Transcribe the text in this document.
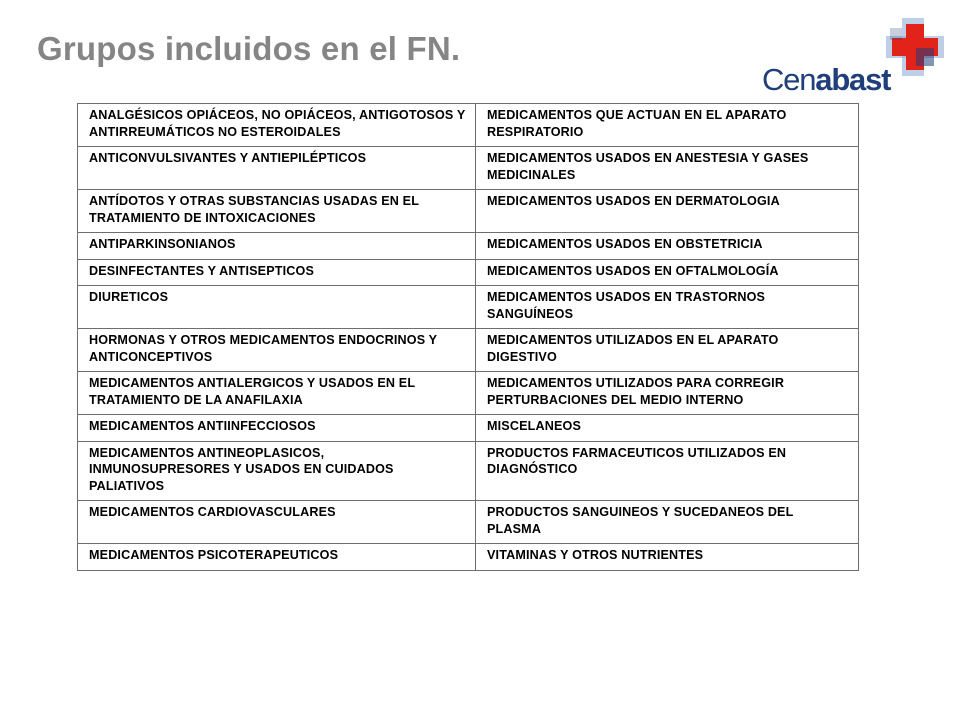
Grupos incluidos en el FN.
Cenabast
ANALGÉSICOS OPIÁCEOS, NO OPIÁCEOS, ANTIGOTOSOS Y ANTIRREUMÁTICOS NO ESTEROIDALES	MEDICAMENTOS QUE ACTUAN EN EL APARATO RESPIRATORIO
ANTICONVULSIVANTES Y ANTIEPILÉPTICOS	MEDICAMENTOS USADOS EN ANESTESIA Y GASES MEDICINALES
ANTÍDOTOS Y OTRAS SUBSTANCIAS USADAS EN EL TRATAMIENTO DE INTOXICACIONES	MEDICAMENTOS USADOS EN DERMATOLOGIA
ANTIPARKINSONIANOS	MEDICAMENTOS USADOS EN OBSTETRICIA
DESINFECTANTES Y ANTISEPTICOS	MEDICAMENTOS USADOS EN OFTALMOLOGÍA
DIURETICOS	MEDICAMENTOS USADOS EN TRASTORNOS SANGUÍNEOS
HORMONAS Y OTROS MEDICAMENTOS ENDOCRINOS Y ANTICONCEPTIVOS	MEDICAMENTOS UTILIZADOS EN EL APARATO DIGESTIVO
MEDICAMENTOS ANTIALERGICOS Y USADOS EN EL TRATAMIENTO DE LA ANAFILAXIA	MEDICAMENTOS UTILIZADOS PARA CORREGIR PERTURBACIONES DEL MEDIO INTERNO
MEDICAMENTOS ANTIINFECCIOSOS	MISCELANEOS
MEDICAMENTOS ANTINEOPLASICOS, INMUNOSUPRESORES Y USADOS EN CUIDADOS PALIATIVOS	PRODUCTOS FARMACEUTICOS UTILIZADOS EN DIAGNÓSTICO
MEDICAMENTOS CARDIOVASCULARES	PRODUCTOS SANGUINEOS Y SUCEDANEOS DEL PLASMA
MEDICAMENTOS PSICOTERAPEUTICOS	VITAMINAS Y OTROS NUTRIENTES
